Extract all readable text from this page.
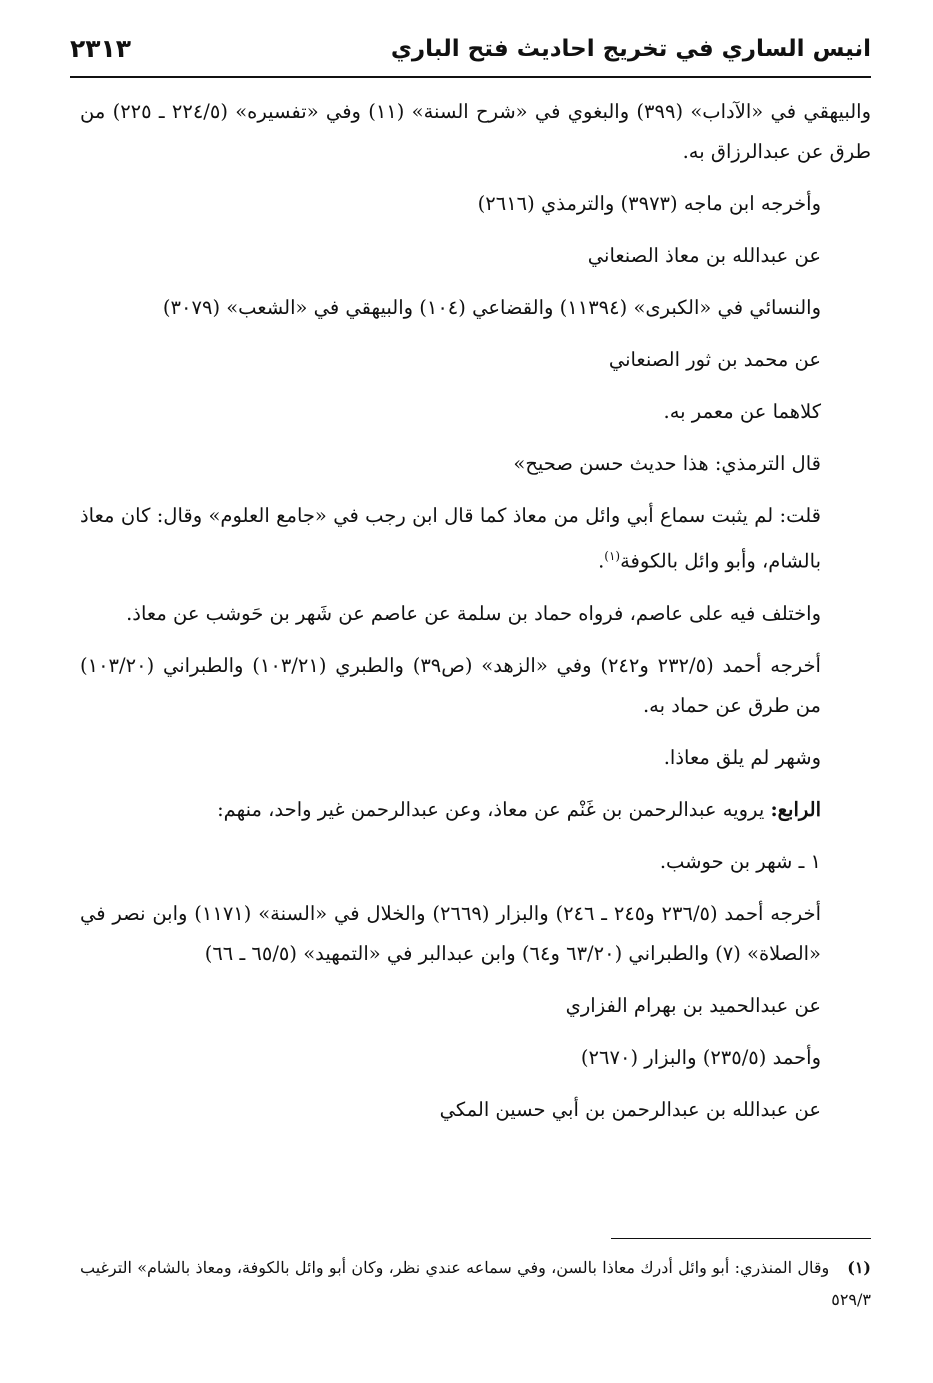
انيس الساري في تخريج احاديث فتح الباري
٢٣١٣

والبيهقي في «الآداب» (٣٩٩) والبغوي في «شرح السنة» (١١) وفي «تفسيره» (٢٢٤/٥ ـ ٢٢٥) من طرق عن عبدالرزاق به.

وأخرجه ابن ماجه (٣٩٧٣) والترمذي (٢٦١٦)

عن عبدالله بن معاذ الصنعاني

والنسائي في «الكبرى» (١١٣٩٤) والقضاعي (١٠٤) والبيهقي في «الشعب» (٣٠٧٩)

عن محمد بن ثور الصنعاني

كلاهما عن معمر به.

قال الترمذي: هذا حديث حسن صحيح»

قلت: لم يثبت سماع أبي وائل من معاذ كما قال ابن رجب في «جامع العلوم» وقال: كان معاذ بالشام، وأبو وائل بالكوفة$^{(١)}$.

واختلف فيه على عاصم، فرواه حماد بن سلمة عن عاصم عن شَهر بن حَوشب عن معاذ.

أخرجه أحمد (٢٣٢/٥ و٢٤٢) وفي «الزهد» (ص٣٩) والطبري (١٠٣/٢١) والطبراني (١٠٣/٢٠) من طرق عن حماد به.

وشهر لم يلق معاذا.

الرابع: يرويه عبدالرحمن بن غَنْم عن معاذ، وعن عبدالرحمن غير واحد، منهم:

١ ـ شهر بن حوشب.

أخرجه أحمد (٢٣٦/٥ و٢٤٥ ـ ٢٤٦) والبزار (٢٦٦٩) والخلال في «السنة» (١١٧١) وابن نصر في «الصلاة» (٧) والطبراني (٦٣/٢٠ و٦٤) وابن عبدالبر في «التمهيد» (٦٥/٥ ـ ٦٦)

عن عبدالحميد بن بهرام الفزاري

وأحمد (٢٣٥/٥) والبزار (٢٦٧٠)

عن عبدالله بن عبدالرحمن بن أبي حسين المكي

(١)وقال المنذري: أبو وائل أدرك معاذا بالسن، وفي سماعه عندي نظر، وكان أبو وائل بالكوفة، ومعاذ بالشام» الترغيب ٥٢٩/٣
